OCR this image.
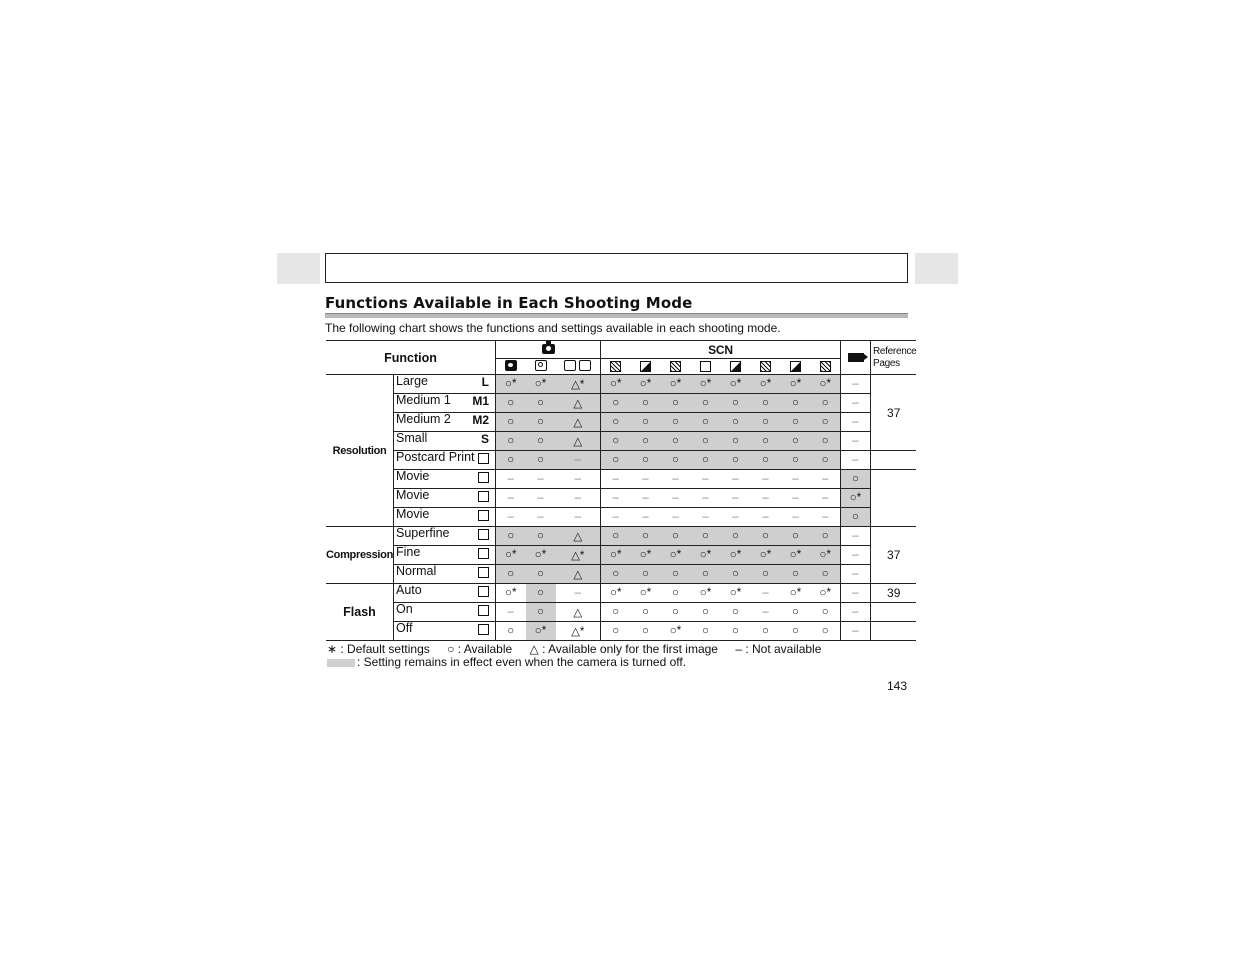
Functions Available in Each Shooting Mode
The following chart shows the functions and settings available in each shooting mode.
Function					SCN									Reference
Pages

Resolution	Large L	○*	○*	△*	○*	○*	○*	○*	○*	○*	○*	○*	–	37

	Medium 1 M1	○	○	△	○	○	○	○	○	○	○	○	–	

	Medium 2 M2	○	○	△	○	○	○	○	○	○	○	○	–	

	Small S	○	○	△	○	○	○	○	○	○	○	○	–	

	Postcard Print	○	○	–	○	○	○	○	○	○	○	○	–	

	Movie	–	–	–	–	–	–	–	–	–	–	–	○	

	Movie	–	–	–	–	–	–	–	–	–	–	–	○*	

	Movie	–	–	–	–	–	–	–	–	–	–	–	○	
Compression	Superfine	○	○	△	○	○	○	○	○	○	○	○	–	37

	Fine	○*	○*	△*	○*	○*	○*	○*	○*	○*	○*	○*	–	

	Normal	○	○	△	○	○	○	○	○	○	○	○	–	
Flash	Auto	○*	○	–	○*	○*	○	○*	○*	–	○*	○*	–	39

	On	–	○	△	○	○	○	○	○	–	○	○	–	

	Off	○	○*	△*	○	○	○*	○	○	○	○	○	–	
∗ : Default settings ○ : Available △ : Available only for the first image – : Not available
: Setting remains in effect even when the camera is turned off.
143
